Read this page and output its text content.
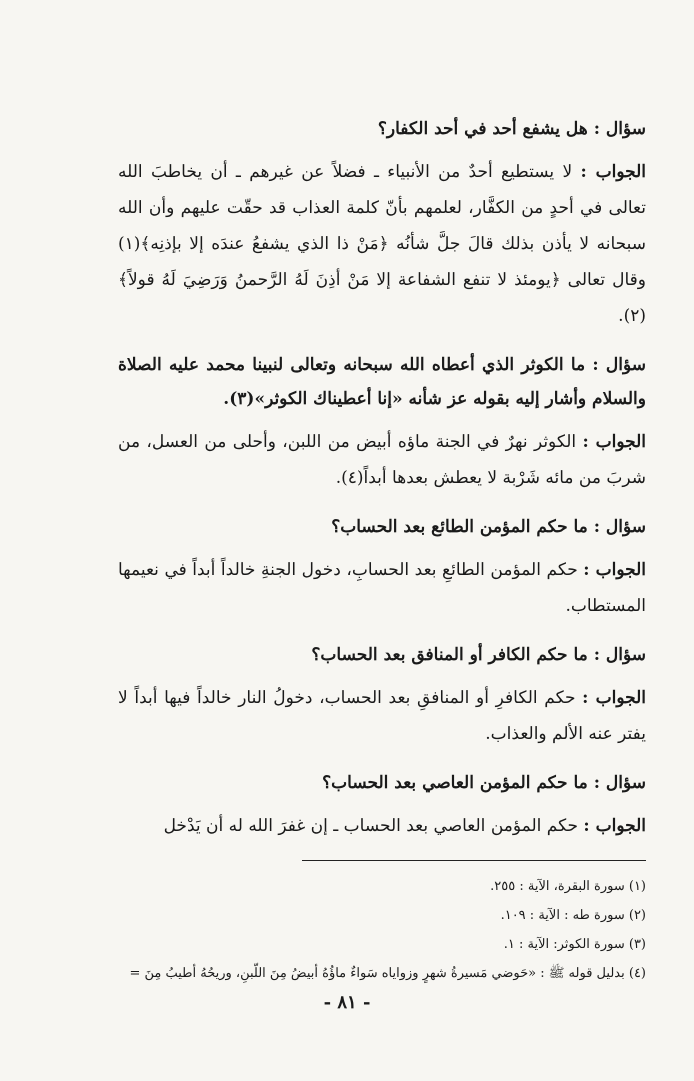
سؤال : هل يشفع أحد في أحد الكفار؟

الجواب : لا يستطيع أحدٌ من الأنبياء ـ فضلاً عن غيرهم ـ أن يخاطبَ الله تعالى في أحدٍ من الكفَّار، لعلمهم بأنّ كلمة العذاب قد حقّت عليهم وأن الله سبحانه لا يأذن بذلك قالَ جلَّ شأنُه ﴿مَنْ ذا الذي يشفعُ عندَه إلا بإذنِه﴾(١) وقال تعالى ﴿يومئذ لا تنفع الشفاعة إلا مَنْ أذِنَ لَهُ الرَّحمنُ وَرَضِيَ لَهُ قولاً﴾(٢).

سؤال : ما الكوثر الذي أعطاه الله سبحانه وتعالى لنبينا محمد عليه الصلاة والسلام وأشار إليه بقوله عز شأنه «إنا أعطيناك الكوثر»(٣).

الجواب : الكوثر نهرٌ في الجنة ماؤه أبيض من اللبن، وأحلى من العسل، من شربَ من مائه شَرْبة لا يعطش بعدها أبداً(٤).

سؤال : ما حكم المؤمن الطائع بعد الحساب؟

الجواب : حكم المؤمن الطائعِ بعد الحسابِ، دخول الجنةِ خالداً أبداً في نعيمها المستطاب.

سؤال : ما حكم الكافر أو المنافق بعد الحساب؟

الجواب : حكم الكافرِ أو المنافقِ بعد الحساب، دخولُ النار خالداً فيها أبداً لا يفتر عنه الألم والعذاب.

سؤال : ما حكم المؤمن العاصي بعد الحساب؟

الجواب : حكم المؤمن العاصي بعد الحساب ـ إن غفرَ الله له أن يَدْخل

(١) سورة البقرة، الآية : ٢٥٥.

(٢) سورة طه : الآية : ١٠٩.

(٣) سورة الكوثر: الآية : ١.

(٤) بدليل قوله ﷺ : «حَوضي مَسيرةُ شهرٍ وزواياه سَواءٌ ماؤُهُ أبيضُ مِنَ اللّبنِ، وريحُهُ أطيبُ مِنَ =

- ٨١ -
